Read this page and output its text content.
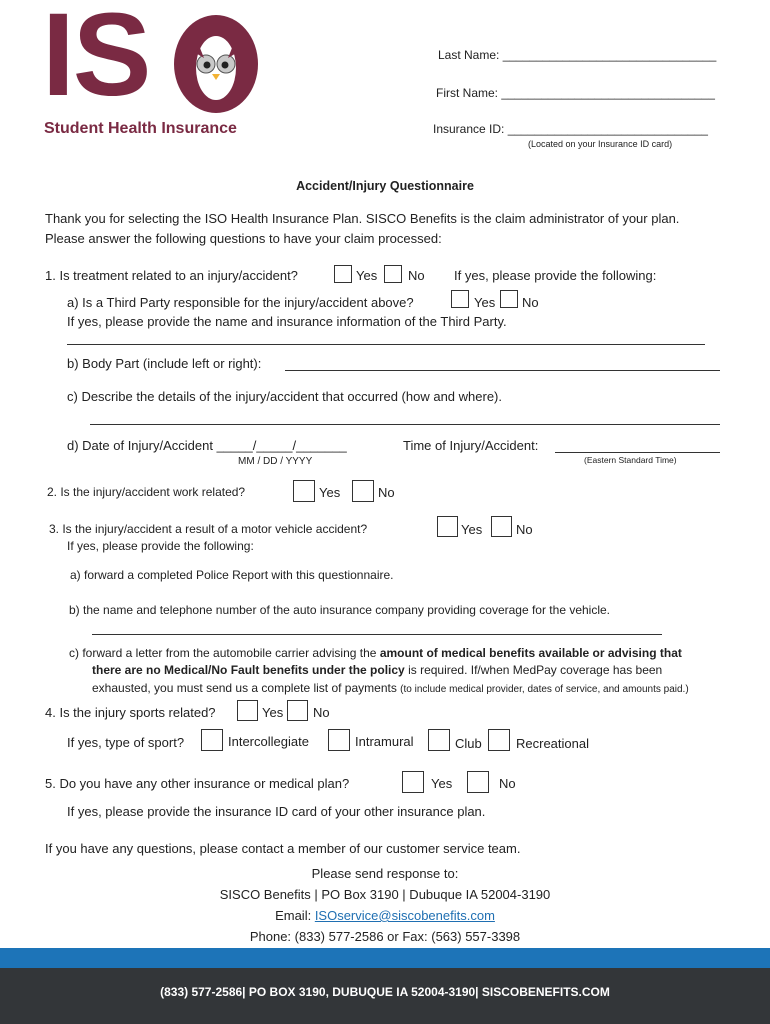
IS
Student Health Insurance
Last Name: ________________________________
First Name: ________________________________
Insurance ID: ______________________________
(Located on your Insurance ID card)
Accident/Injury Questionnaire
Thank you for selecting the ISO Health Insurance Plan. SISCO Benefits is the claim administrator of your plan.
Please answer the following questions to have your claim processed:
1. Is treatment related to an injury/accident?	Yes No If yes, please provide the following:
a) Is a Third Party responsible for the injury/accident above?	Yes No
If yes, please provide the name and insurance information of the Third Party.
b) Body Part (include left or right):
c) Describe the details of the injury/accident that occurred (how and where).
d) Date of Injury/Accident _____/_____/_______
MM / DD / YYYY
Time of Injury/Accident:
(Eastern Standard Time)
2. Is the injury/accident work related?	Yes	No
3. Is the injury/accident a result of a motor vehicle accident?
If yes, please provide the following:
Yes	No
a) forward a completed Police Report with this questionnaire.
b) the name and telephone number of the auto insurance company providing coverage for the vehicle.
c) forward a letter from the automobile carrier advising the amount of medical benefits available or advising that
there are no Medical/No Fault benefits under the policy is required. If/when MedPay coverage has been
exhausted, you must send us a complete list of payments (to include medical provider, dates of service, and amounts paid.)
4. Is the injury sports related?	Yes No
If yes, type of sport?	Intercollegiate	Intramural	Club	Recreational
5. Do you have any other insurance or medical plan?	Yes	No
If yes, please provide the insurance ID card of your other insurance plan.
If you have any questions, please contact a member of our customer service team.
Please send response to:
SISCO Benefits | PO Box 3190 | Dubuque IA 52004-3190
Email: ISOservice@siscobenefits.com
Phone: (833) 577-2586 or Fax: (563) 557-3398
(833) 577-2586| PO BOX 3190, DUBUQUE IA 52004-3190| SISCOBENEFITS.COM
